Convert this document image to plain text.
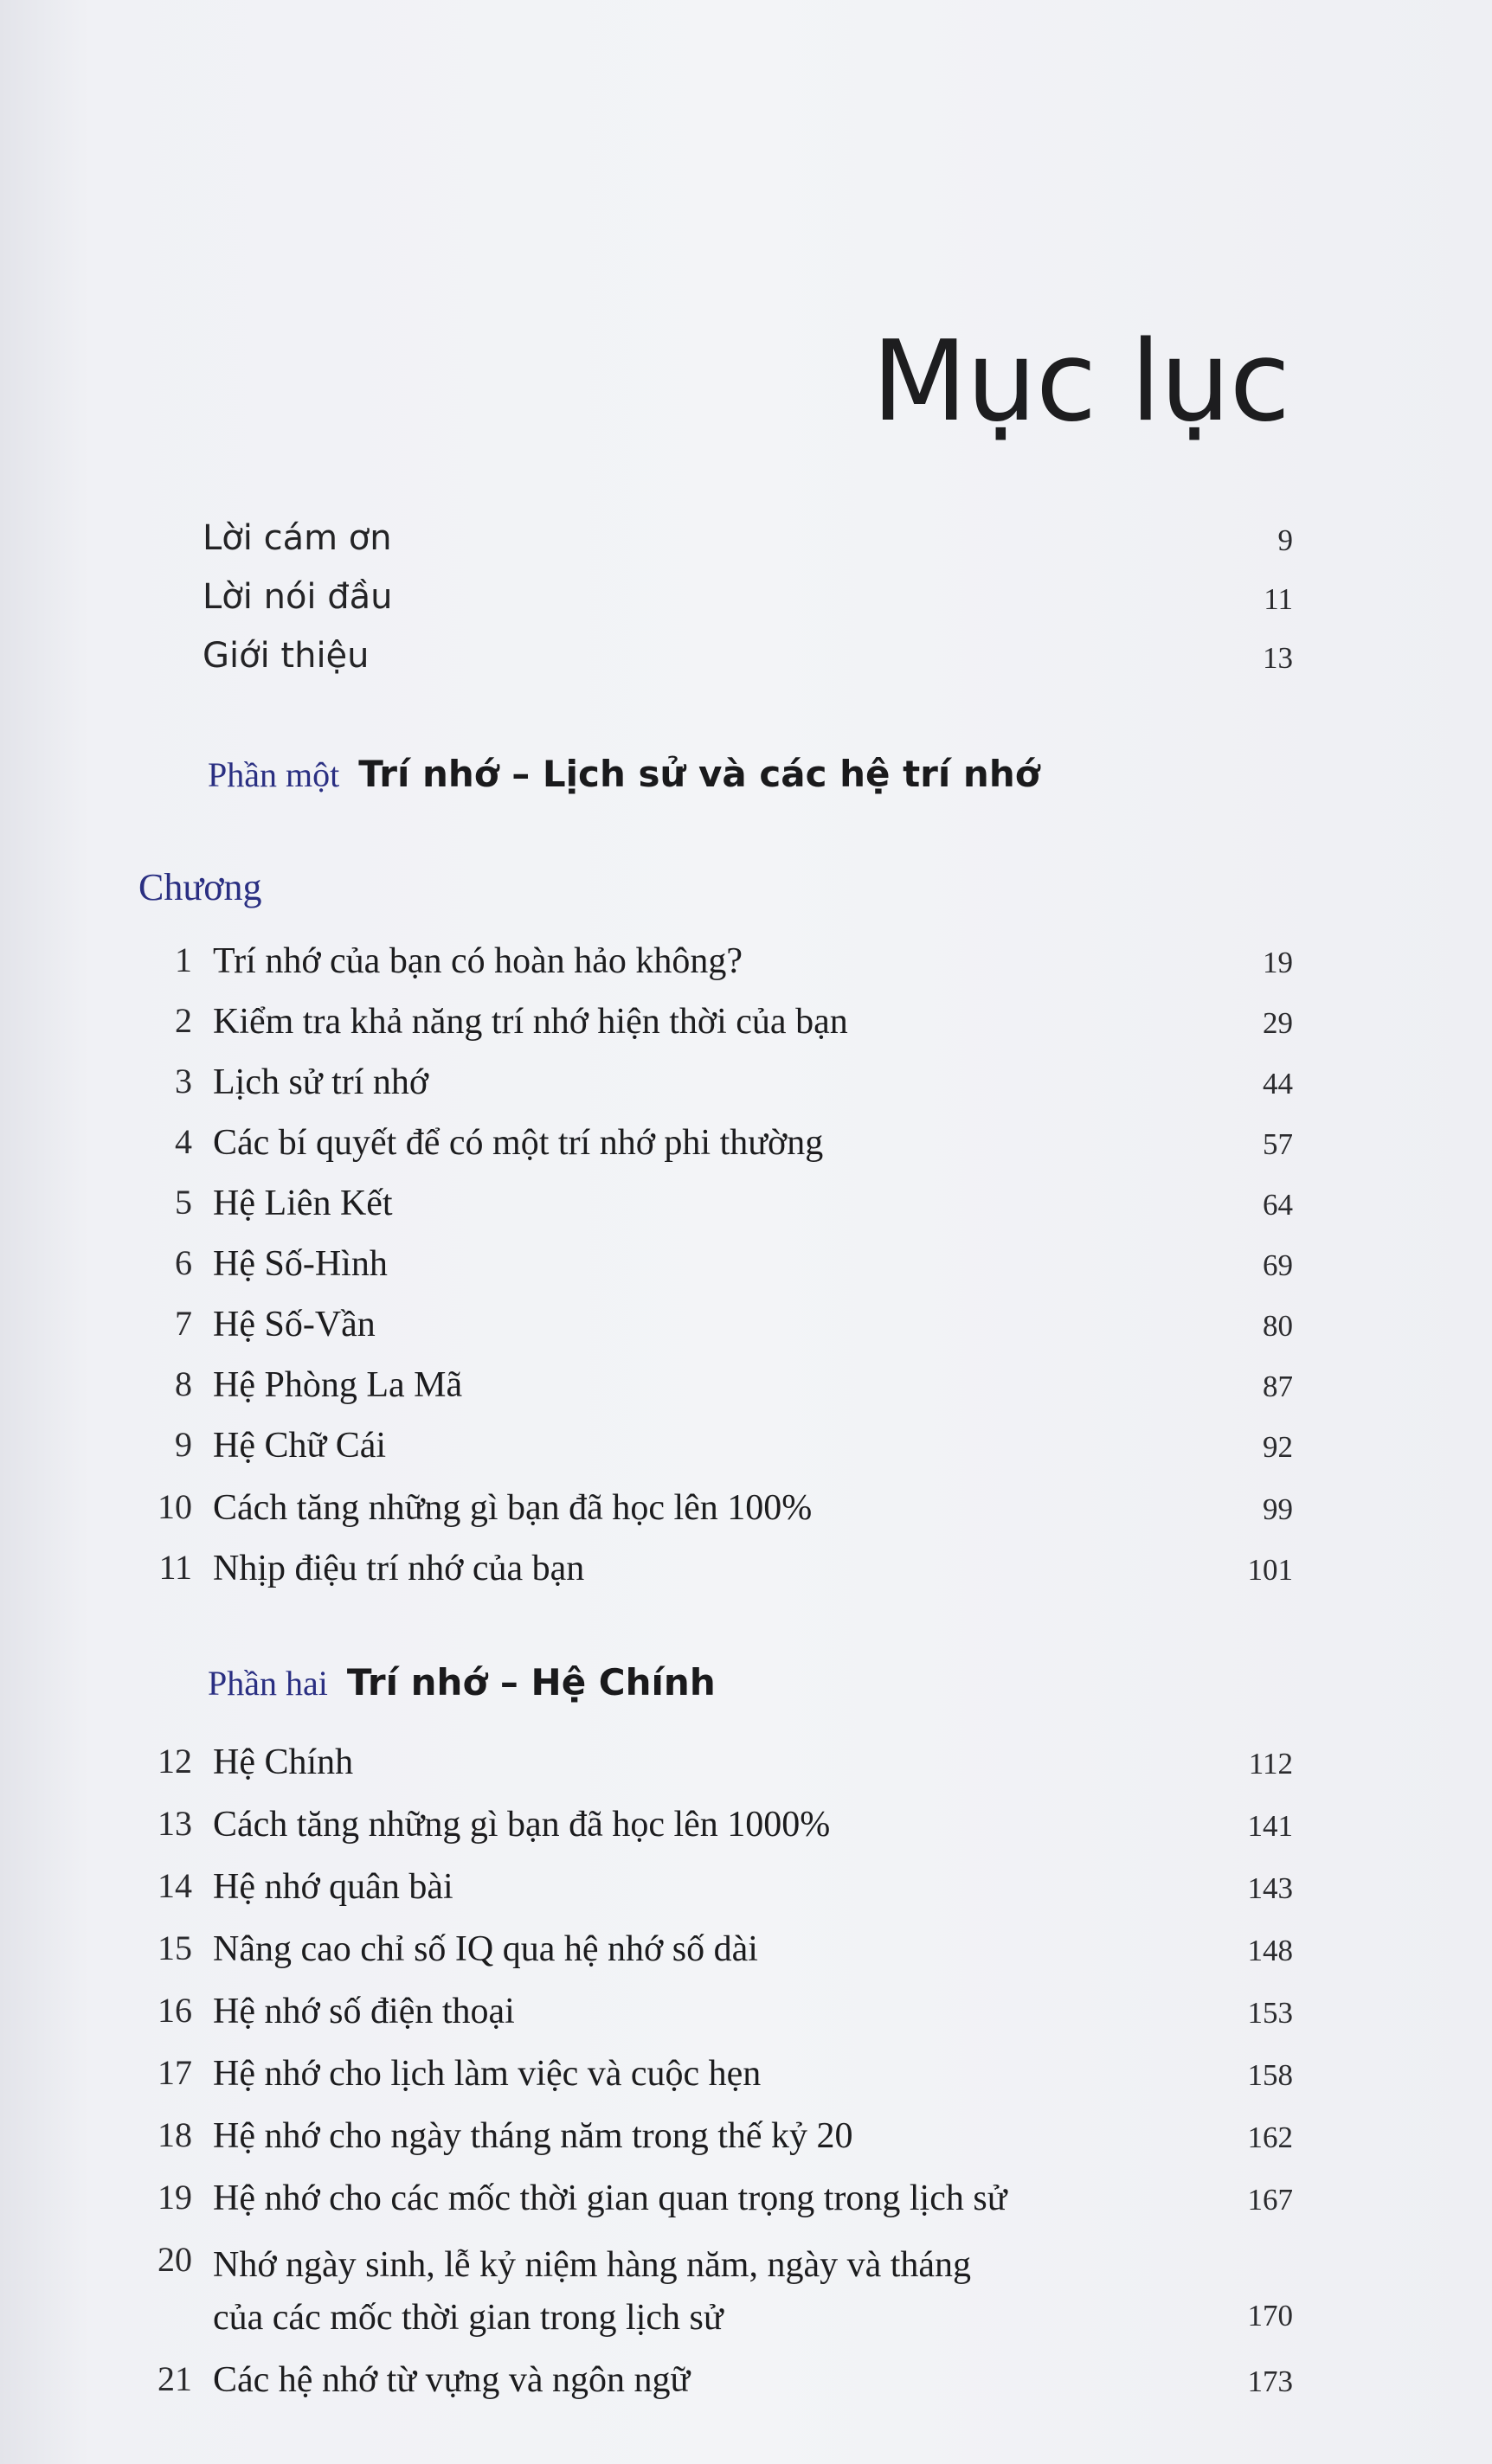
Mục lục
Lời cám ơn	9
Lời nói đầu	11
Giới thiệu	13
Phần một Trí nhớ – Lịch sử và các hệ trí nhớ
Chương
1 Trí nhớ của bạn có hoàn hảo không?	19
2 Kiểm tra khả năng trí nhớ hiện thời của bạn	29
3 Lịch sử trí nhớ	44
4 Các bí quyết để có một trí nhớ phi thường	57
5 Hệ Liên Kết	64
6 Hệ Số-Hình	69
7 Hệ Số-Vần	80
8 Hệ Phòng La Mã	87
9 Hệ Chữ Cái	92
10 Cách tăng những gì bạn đã học lên 100%	99
11 Nhịp điệu trí nhớ của bạn	101
Phần hai Trí nhớ – Hệ Chính
12 Hệ Chính	112
13 Cách tăng những gì bạn đã học lên 1000%	141
14 Hệ nhớ quân bài	143
15 Nâng cao chỉ số IQ qua hệ nhớ số dài	148
16 Hệ nhớ số điện thoại	153
17 Hệ nhớ cho lịch làm việc và cuộc hẹn	158
18 Hệ nhớ cho ngày tháng năm trong thế kỷ 20	162
19 Hệ nhớ cho các mốc thời gian quan trọng trong lịch sử	167
20 Nhớ ngày sinh, lễ kỷ niệm hàng năm, ngày và tháng
của các mốc thời gian trong lịch sử	170
21 Các hệ nhớ từ vựng và ngôn ngữ	173
